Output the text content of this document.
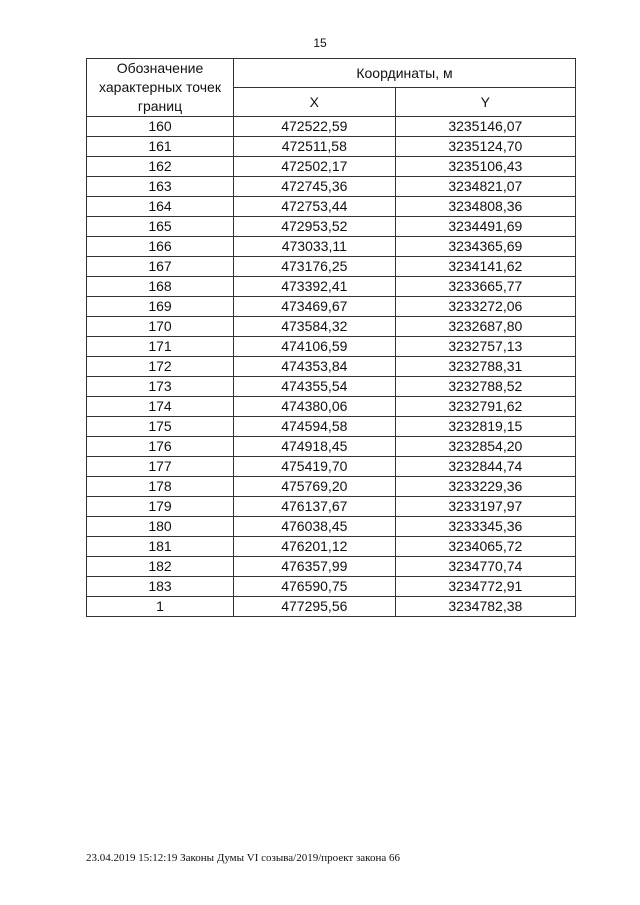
15
Обозначение характерных точек границ	Координаты, м	
	X	Y
160	472522,59	3235146,07
161	472511,58	3235124,70
162	472502,17	3235106,43
163	472745,36	3234821,07
164	472753,44	3234808,36
165	472953,52	3234491,69
166	473033,11	3234365,69
167	473176,25	3234141,62
168	473392,41	3233665,77
169	473469,67	3233272,06
170	473584,32	3232687,80
171	474106,59	3232757,13
172	474353,84	3232788,31
173	474355,54	3232788,52
174	474380,06	3232791,62
175	474594,58	3232819,15
176	474918,45	3232854,20
177	475419,70	3232844,74
178	475769,20	3233229,36
179	476137,67	3233197,97
180	476038,45	3233345,36
181	476201,12	3234065,72
182	476357,99	3234770,74
183	476590,75	3234772,91
1	477295,56	3234782,38
23.04.2019 15:12:19 Законы Думы VI созыва/2019/проект закона 66
